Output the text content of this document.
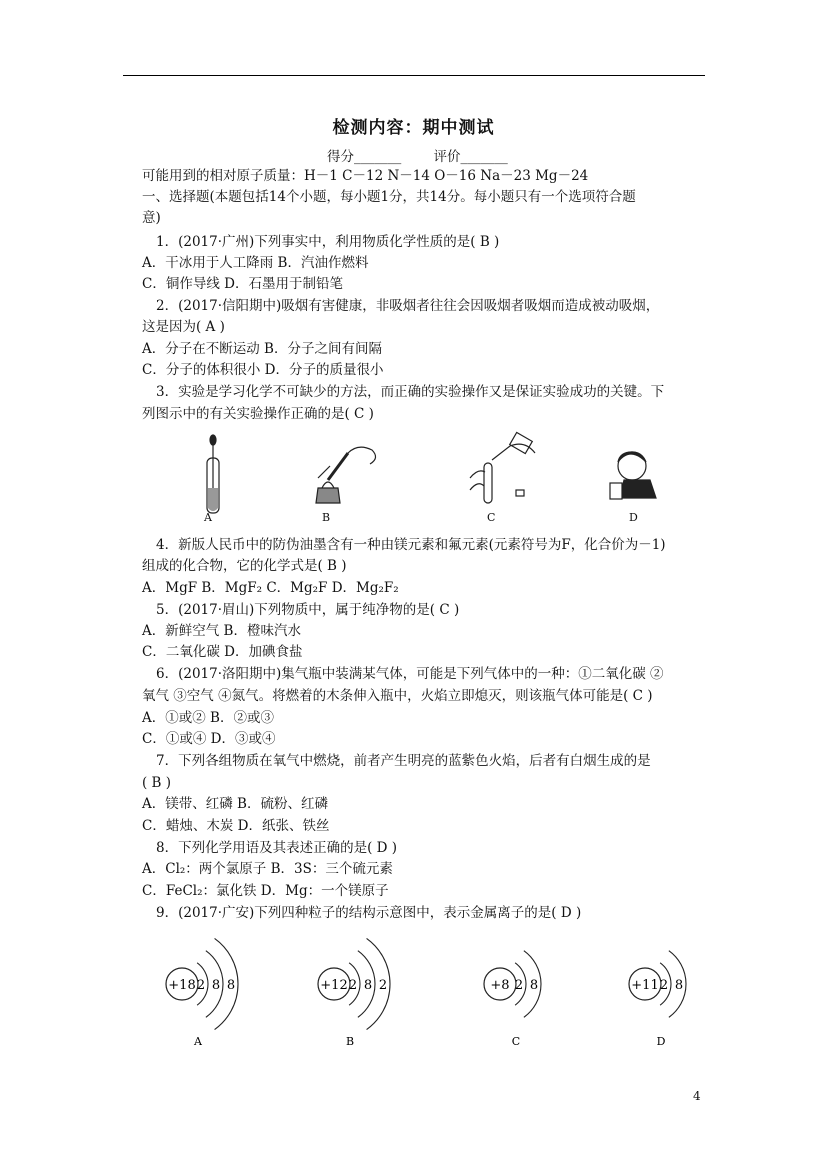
检测内容：期中测试
得分_______ 评价_______
可能用到的相对原子质量：H－1 C－12 N－14 O－16 Na－23 Mg－24
一、选择题(本题包括14个小题，每小题1分，共14分。每小题只有一个选项符合题
意)
1．(2017·广州)下列事实中，利用物质化学性质的是( B )
A．干冰用于人工降雨 B．汽油作燃料
C．铜作导线 D．石墨用于制铅笔
2．(2017·信阳期中)吸烟有害健康，非吸烟者往往会因吸烟者吸烟而造成被动吸烟，
这是因为( A )
A．分子在不断运动 B．分子之间有间隔
C．分子的体积很小 D．分子的质量很小
3．实验是学习化学不可缺少的方法，而正确的实验操作又是保证实验成功的关键。下
列图示中的有关实验操作正确的是( C )
A	B	C	D
4．新版人民币中的防伪油墨含有一种由镁元素和氟元素(元素符号为F，化合价为－1)
组成的化合物，它的化学式是( B )
A．MgF B．MgF₂ C．Mg₂F D．Mg₂F₂
5．(2017·眉山)下列物质中，属于纯净物的是( C )
A．新鲜空气 B．橙味汽水
C．二氧化碳 D．加碘食盐
6．(2017·洛阳期中)集气瓶中装满某气体，可能是下列气体中的一种：①二氧化碳 ②
氧气 ③空气 ④氮气。将燃着的木条伸入瓶中，火焰立即熄灭，则该瓶气体可能是( C )
A．①或② B．②或③
C．①或④ D．③或④
7．下列各组物质在氧气中燃烧，前者产生明亮的蓝紫色火焰，后者有白烟生成的是
( B )
A．镁带、红磷 B．硫粉、红磷
C．蜡烛、木炭 D．纸张、铁丝
8．下列化学用语及其表述正确的是( D )
A．Cl₂：两个氯原子 B．3S：三个硫元素
C．FeCl₂：氯化铁 D．Mg：一个镁原子
9．(2017·广安)下列四种粒子的结构示意图中，表示金属离子的是( D )
+18 2 8 8
A
+12 2 8 2
B
+8 2 8
C
+11 2 8
D
4
